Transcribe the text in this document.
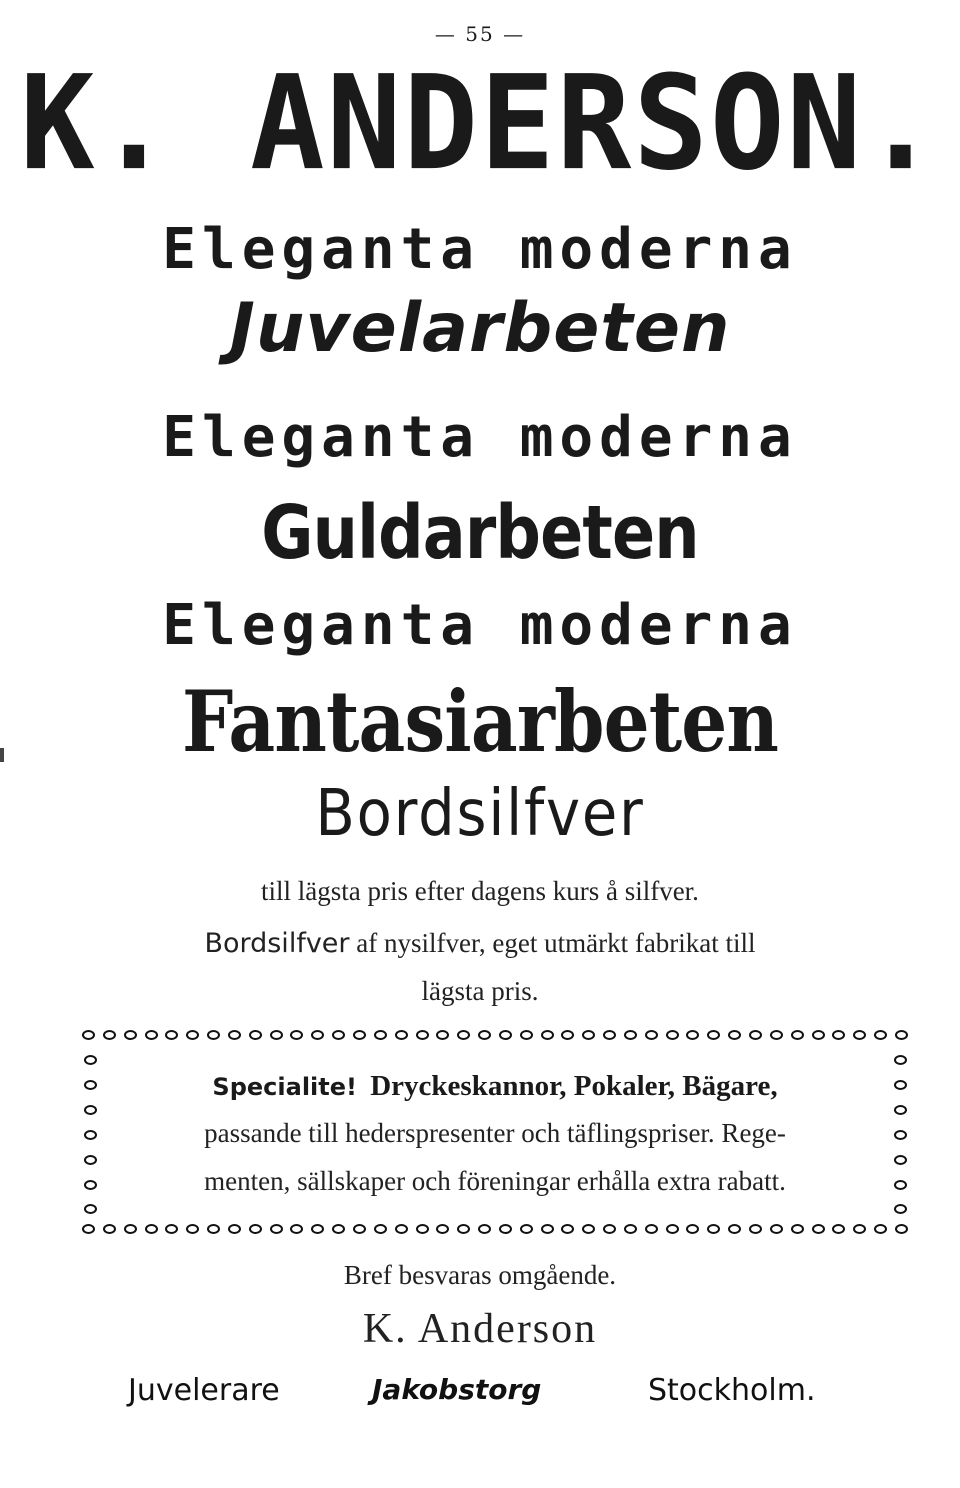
— 55 —
K. ANDERSON.
Eleganta moderna
Juvelarbeten
Eleganta moderna
Guldarbeten
Eleganta moderna
Fantasiarbeten
Bordsilfver
till lägsta pris efter dagens kurs å silfver.
Bordsilfver af nysilfver, eget utmärkt fabrikat till
lägsta pris.
Specialite! Dryckeskannor, Pokaler, Bägare,
passande till hederspresenter och täflingspriser. Rege-
menten, sällskaper och föreningar erhålla extra rabatt.
Bref besvaras omgående.
K. Anderson
Juvelerare	Jakobstorg	Stockholm.
